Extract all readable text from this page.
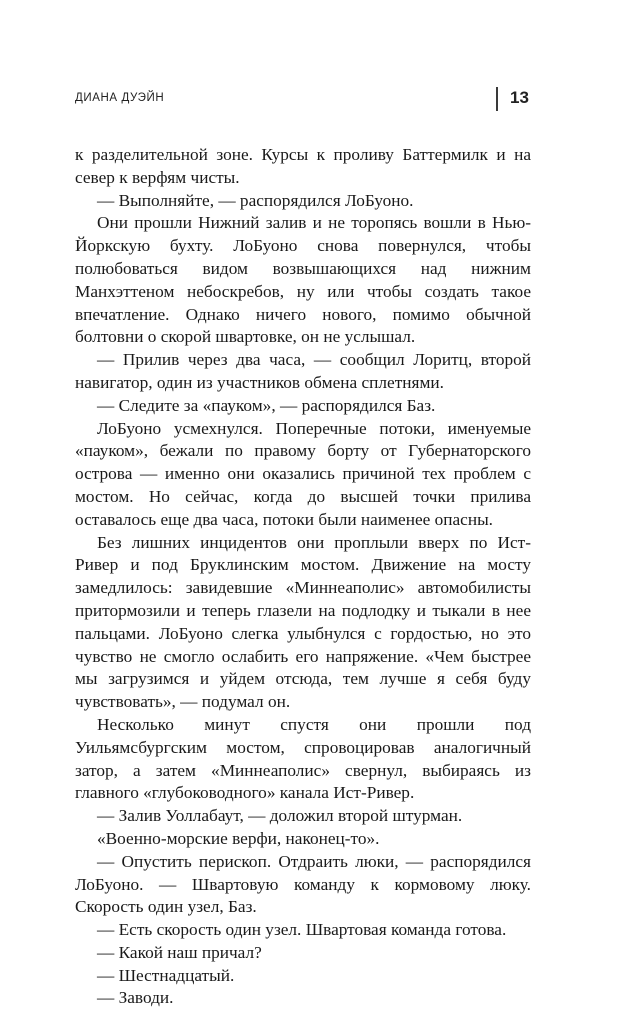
ДИАНА ДУЭЙН	13

к разделительной зоне. Курсы к проливу Баттермилк и на север к верфям чисты.

— Выполняйте, — распорядился ЛоБуоно.

Они прошли Нижний залив и не торопясь вошли в Нью-Йоркскую бухту. ЛоБуоно снова повернулся, чтобы полюбоваться видом возвышающихся над нижним Манхэттеном небоскребов, ну или чтобы создать такое впечатление. Однако ничего нового, помимо обычной болтовни о скорой швартовке, он не услышал.

— Прилив через два часа, — сообщил Лоритц, второй навигатор, один из участников обмена сплетнями.

— Следите за «пауком», — распорядился Баз.

ЛоБуоно усмехнулся. Поперечные потоки, именуемые «пауком», бежали по правому борту от Губернаторского острова — именно они оказались причиной тех проблем с мостом. Но сейчас, когда до высшей точки прилива оставалось еще два часа, потоки были наименее опасны.

Без лишних инцидентов они проплыли вверх по Ист-Ривер и под Бруклинским мостом. Движение на мосту замедлилось: завидевшие «Миннеаполис» автомобилисты притормозили и теперь глазели на подлодку и тыкали в нее пальцами. ЛоБуоно слегка улыбнулся с гордостью, но это чувство не смогло ослабить его напряжение. «Чем быстрее мы загрузимся и уйдем отсюда, тем лучше я себя буду чувствовать», — подумал он.

Несколько минут спустя они прошли под Уильямсбургским мостом, спровоцировав аналогичный затор, а затем «Миннеаполис» свернул, выбираясь из главного «глубоководного» канала Ист-Ривер.

— Залив Уоллабаут, — доложил второй штурман.

«Военно-морские верфи, наконец-то».

— Опустить перископ. Отдраить люки, — распорядился ЛоБуоно. — Швартовую команду к кормовому люку. Скорость один узел, Баз.

— Есть скорость один узел. Швартовая команда готова.

— Какой наш причал?

— Шестнадцатый.

— Заводи.
